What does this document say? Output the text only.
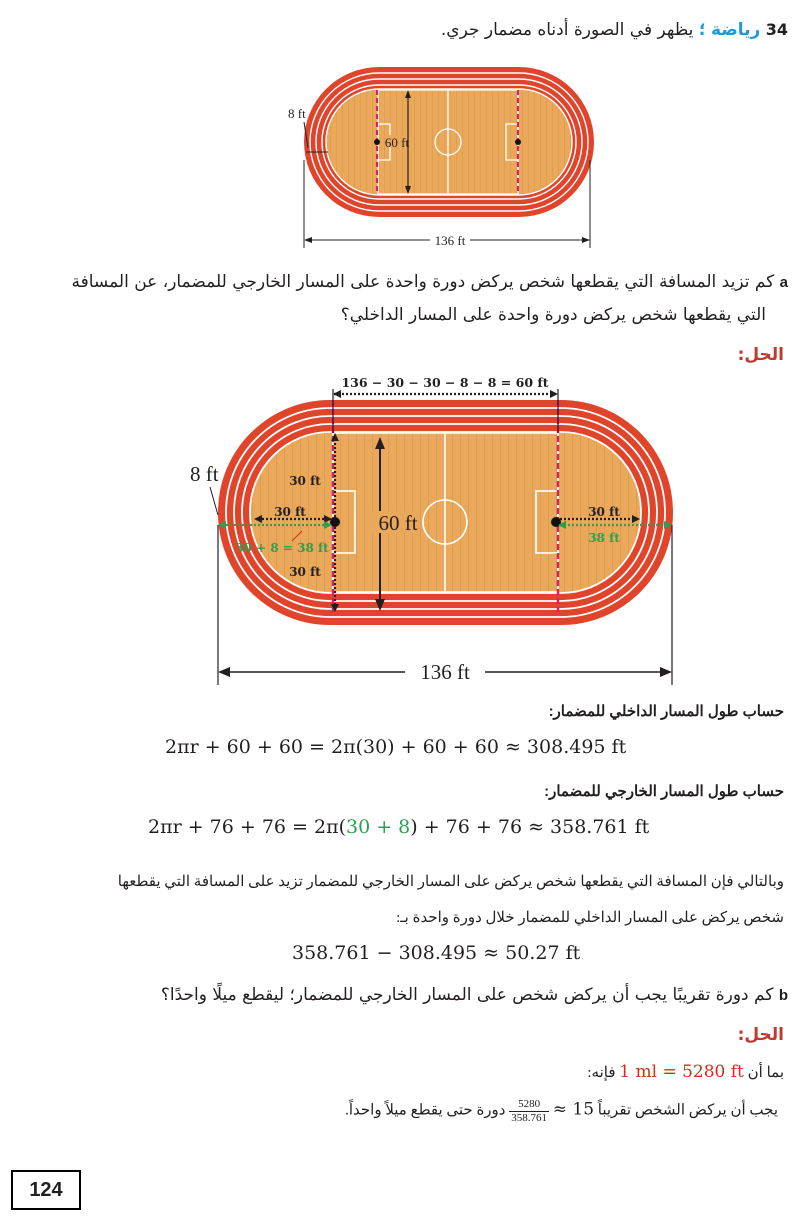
34 رياضة ؛ يظهر في الصورة أدناه مضمار جري.
60 ft
8 ft
136 ft
a كم تزيد المسافة التي يقطعها شخص يركض دورة واحدة على المسار الخارجي للمضمار، عن المسافة
التي يقطعها شخص يركض دورة واحدة على المسار الداخلي؟
الحل:
136 − 30 − 30 − 8 − 8 = 60 ft
60 ft
30 ft
30 ft
30 ft
30 + 8 = 38 ft
30 ft
38 ft
8 ft
136 ft
حساب طول المسار الداخلي للمضمار:
2πr + 60 + 60 = 2π(30) + 60 + 60 ≈ 308.495 ft
حساب طول المسار الخارجي للمضمار:
2πr + 76 + 76 = 2π(30 + 8) + 76 + 76 ≈ 358.761 ft
وبالتالي فإن المسافة التي يقطعها شخص يركض على المسار الخارجي للمضمار تزيد على المسافة التي يقطعها
شخص يركض على المسار الداخلي للمضمار خلال دورة واحدة بـ:
358.761 − 308.495 ≈ 50.27 ft
b كم دورة تقريبًا يجب أن يركض شخص على المسار الخارجي للمضمار؛ ليقطع ميلًا واحدًا؟
الحل:
بما أن 1 ml = 5280 ft فإنه:
يجب أن يركض الشخص تقريباً
$\frac{5280}{358.761} \approx 15$ دورة حتى يقطع ميلاً واحداً.
124
